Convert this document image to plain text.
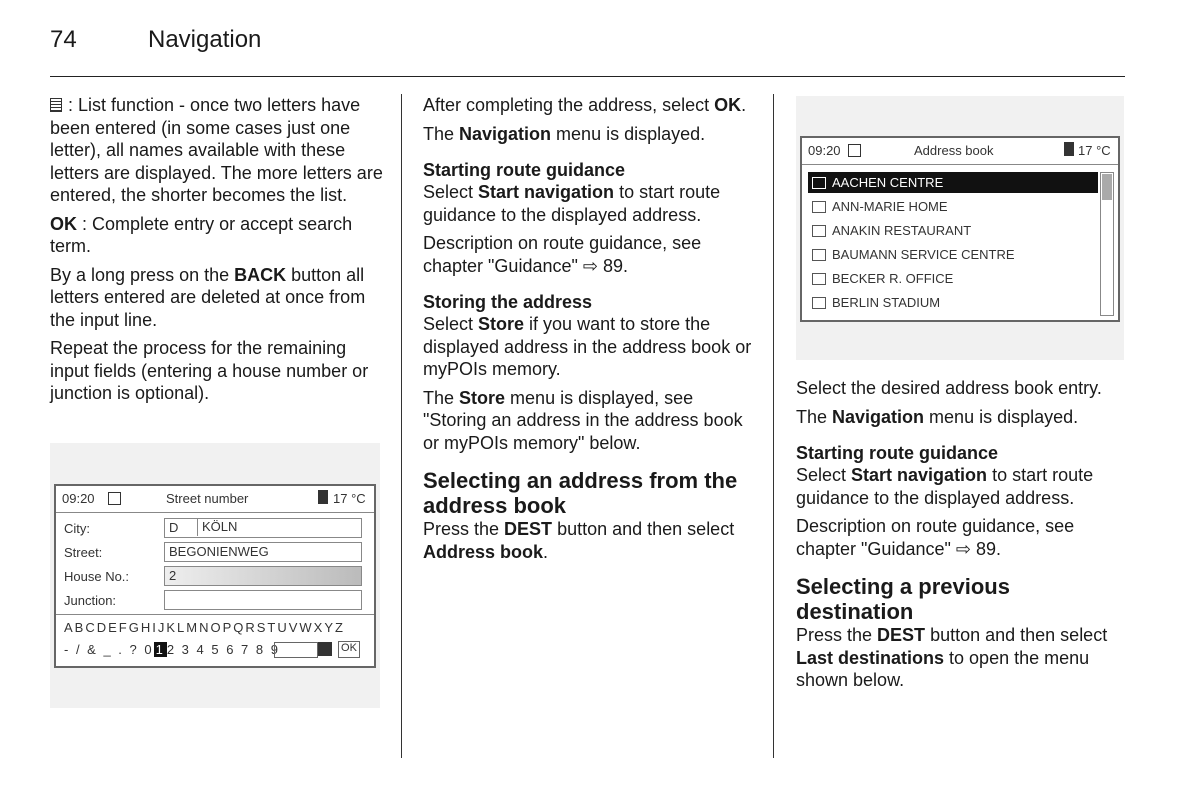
74	Navigation

: List function - once two letters have been entered (in some cases just one letter), all names available with these letters are displayed. The more letters are entered, the shorter becomes the list.

OK : Complete entry or accept search term.

By a long press on the BACK button all letters entered are deleted at once from the input line.

Repeat the process for the remaining input fields (entering a house number or junction is optional).

09:20	Street number	17 °C
City:	D	KÖLN
Street:	BEGONIENWEG
House No.:	2
Junction:
ABCDEFGHIJKLMNOPQRSTUVWXYZ
- / & _ . ? 0 1 2 3 4 5 6 7 8 9	OK

After completing the address, select OK.

The Navigation menu is displayed.

Starting route guidance

Select Start navigation to start route guidance to the displayed address.

Description on route guidance, see chapter "Guidance" ⇨ 89.

Storing the address

Select Store if you want to store the displayed address in the address book or myPOIs memory.

The Store menu is displayed, see "Storing an address in the address book or myPOIs memory" below.

Selecting an address from the address book

Press the DEST button and then select Address book.

09:20	Address book	17 °C
AACHEN CENTRE
ANN-MARIE HOME
ANAKIN RESTAURANT
BAUMANN SERVICE CENTRE
BECKER R. OFFICE
BERLIN STADIUM

Select the desired address book entry.

The Navigation menu is displayed.

Starting route guidance

Select Start navigation to start route guidance to the displayed address.

Description on route guidance, see chapter "Guidance" ⇨ 89.

Selecting a previous destination

Press the DEST button and then select Last destinations to open the menu shown below.
